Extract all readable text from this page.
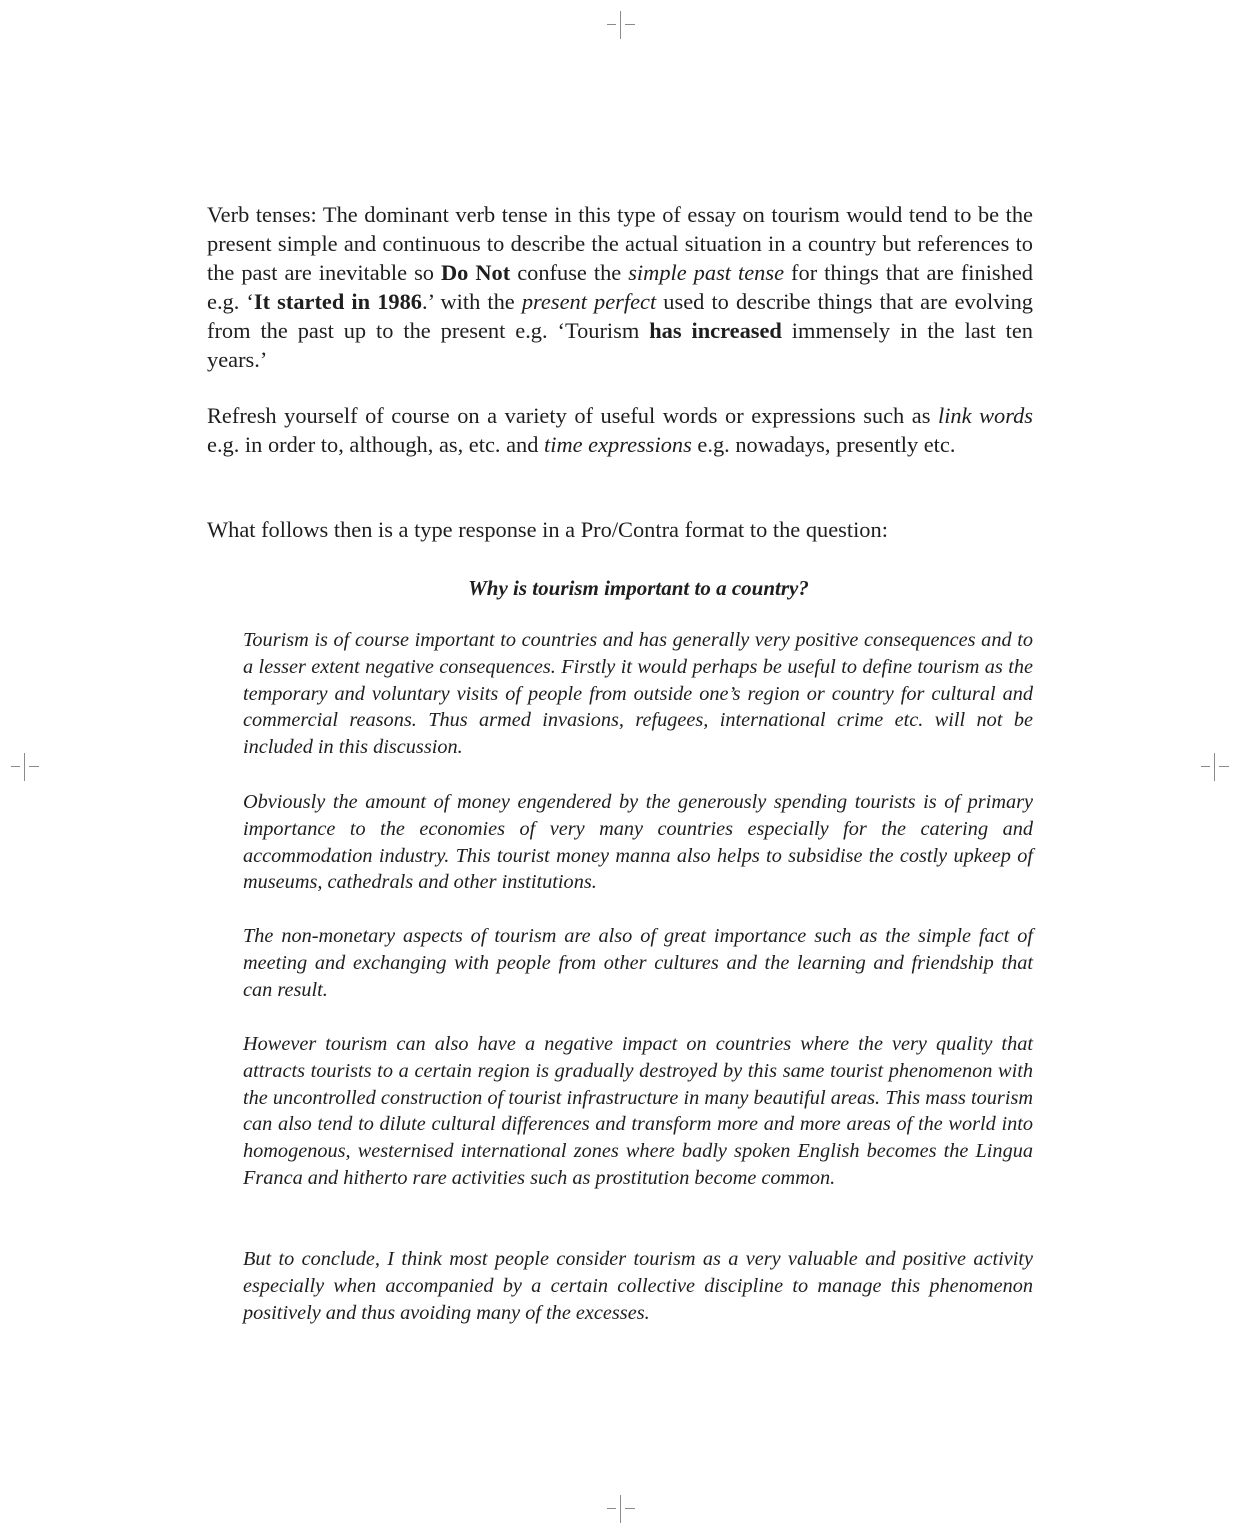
Verb tenses: The dominant verb tense in this type of essay on tourism would tend to be the present simple and continuous to describe the actual situation in a country but references to the past are inevitable so Do Not confuse the simple past tense for things that are finished e.g. ‘It started in 1986.’ with the present perfect used to describe things that are evolving from the past up to the present e.g. ‘Tourism has increased immensely in the last ten years.’

Refresh yourself of course on a variety of useful words or expressions such as link words e.g. in order to, although, as, etc. and time expressions e.g. nowadays, presently etc.

What follows then is a type response in a Pro/Contra format to the question:

Why is tourism important to a country?

Tourism is of course important to countries and has generally very positive consequences and to a lesser extent negative consequences. Firstly it would perhaps be useful to define tourism as the temporary and voluntary visits of people from outside one’s region or country for cultural and commercial reasons. Thus armed invasions, refugees, international crime etc. will not be included in this discussion.

Obviously the amount of money engendered by the generously spending tourists is of primary importance to the economies of very many countries especially for the catering and accommodation industry. This tourist money manna also helps to subsidise the costly upkeep of museums, cathedrals and other institutions.

The non-monetary aspects of tourism are also of great importance such as the simple fact of meeting and exchanging with people from other cultures and the learning and friendship that can result.

However tourism can also have a negative impact on countries where the very quality that attracts tourists to a certain region is gradually destroyed by this same tourist phenomenon with the uncontrolled construction of tourist infrastructure in many beautiful areas. This mass tourism can also tend to dilute cultural differences and transform more and more areas of the world into homogenous, westernised international zones where badly spoken English becomes the Lingua Franca and hitherto rare activities such as prostitution become common.

But to conclude, I think most people consider tourism as a very valuable and positive activity especially when accompanied by a certain collective discipline to manage this phenomenon positively and thus avoiding many of the excesses.
